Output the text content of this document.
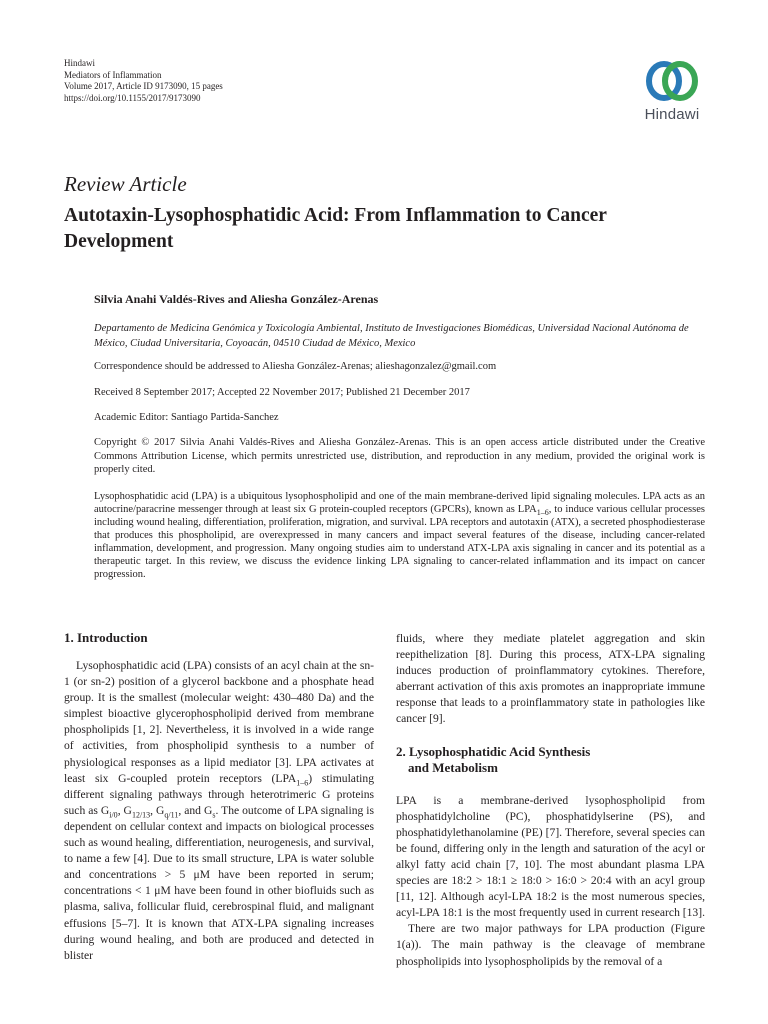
Hindawi
Mediators of Inflammation
Volume 2017, Article ID 9173090, 15 pages
https://doi.org/10.1155/2017/9173090
Hindawi
Review Article
Autotaxin-Lysophosphatidic Acid: From Inflammation to Cancer Development
Silvia Anahi Valdés-Rives and Aliesha González-Arenas
Departamento de Medicina Genómica y Toxicología Ambiental, Instituto de Investigaciones Biomédicas, Universidad Nacional Autónoma de México, Ciudad Universitaria, Coyoacán, 04510 Ciudad de México, Mexico
Correspondence should be addressed to Aliesha González-Arenas; alieshagonzalez@gmail.com
Received 8 September 2017; Accepted 22 November 2017; Published 21 December 2017
Academic Editor: Santiago Partida-Sanchez
Copyright © 2017 Silvia Anahi Valdés-Rives and Aliesha González-Arenas. This is an open access article distributed under the Creative Commons Attribution License, which permits unrestricted use, distribution, and reproduction in any medium, provided the original work is properly cited.
Lysophosphatidic acid (LPA) is a ubiquitous lysophospholipid and one of the main membrane-derived lipid signaling molecules. LPA acts as an autocrine/paracrine messenger through at least six G protein-coupled receptors (GPCRs), known as $LPA_{1-6}$, to induce various cellular processes including wound healing, differentiation, proliferation, migration, and survival. LPA receptors and autotaxin (ATX), a secreted phosphodiesterase that produces this phospholipid, are overexpressed in many cancers and impact several features of the disease, including cancer-related inflammation, development, and progression. Many ongoing studies aim to understand ATX-LPA axis signaling in cancer and its potential as a therapeutic target. In this review, we discuss the evidence linking LPA signaling to cancer-related inflammation and its impact on cancer progression.
1. Introduction

Lysophosphatidic acid (LPA) consists of an acyl chain at the sn-1 (or sn-2) position of a glycerol backbone and a phosphate head group. It is the smallest (molecular weight: 430–480 Da) and the simplest bioactive glycerophospholipid derived from membrane phospholipids [1, 2]. Nevertheless, it is involved in a wide range of activities, from phospholipid synthesis to a number of physiological responses as a lipid mediator [3]. LPA activates at least six G-coupled protein receptors $(LPA_{1-6})$ stimulating different signaling pathways through heterotrimeric G proteins such as $G_{i/0}$, $G_{12/13}$, $G_{q/11}$, and $G_s$. The outcome of LPA signaling is dependent on cellular context and impacts on biological processes such as wound healing, differentiation, neurogenesis, and survival, to name a few [4]. Due to its small structure, LPA is water soluble and concentrations > 5 μM have been reported in serum; concentrations < 1 μM have been found in other biofluids such as plasma, saliva, follicular fluid, cerebrospinal fluid, and malignant effusions [5–7]. It is known that ATX-LPA signaling increases during wound healing, and both are produced and detected in blister

fluids, where they mediate platelet aggregation and skin reepithelization [8]. During this process, ATX-LPA signaling induces production of proinflammatory cytokines. Therefore, aberrant activation of this axis promotes an inappropriate immune response that leads to a proinflammatory state in pathologies like cancer [9].

2. Lysophosphatidic Acid Synthesis
and Metabolism

LPA is a membrane-derived lysophospholipid from phosphatidylcholine (PC), phosphatidylserine (PS), and phosphatidylethanolamine (PE) [7]. Therefore, several species can be found, differing only in the length and saturation of the acyl or alkyl fatty acid chain [7, 10]. The most abundant plasma LPA species are 18:2 > 18:1 ≥ 18:0 > 16:0 > 20:4 with an acyl group [11, 12]. Although acyl-LPA 18:2 is the most numerous species, acyl-LPA 18:1 is the most frequently used in current research [13].

There are two major pathways for LPA production (Figure 1(a)). The main pathway is the cleavage of membrane phospholipids into lysophospholipids by the removal of a
